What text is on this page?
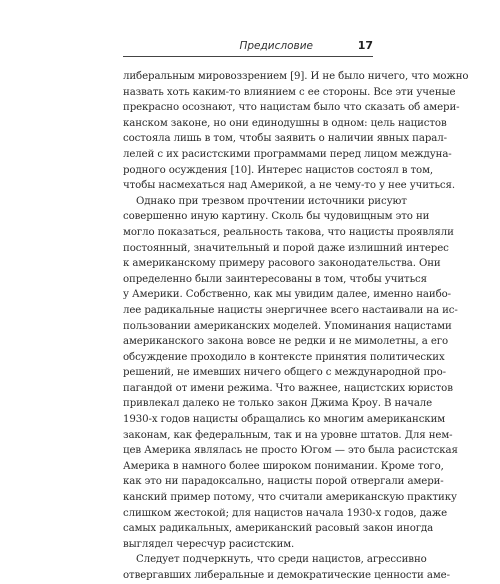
Предисловие	17
либеральным мировоззрением [9]. И не было ничего, что можно
назвать хоть каким-то влиянием с ее стороны. Все эти ученые
прекрасно осознают, что нацистам было что сказать об амери-
канском законе, но они единодушны в одном: цель нацистов
состояла лишь в том, чтобы заявить о наличии явных парал-
лелей с их расистскими программами перед лицом междуна-
родного осуждения [10]. Интерес нацистов состоял в том,
чтобы насмехаться над Америкой, а не чему-то у нее учиться.
Однако при трезвом прочтении источники рисуют
совершенно иную картину. Сколь бы чудовищным это ни
могло показаться, реальность такова, что нацисты проявляли
постоянный, значительный и порой даже излишний интерес
к американскому примеру расового законодательства. Они
определенно были заинтересованы в том, чтобы учиться
у Америки. Собственно, как мы увидим далее, именно наибо-
лее радикальные нацисты энергичнее всего настаивали на ис-
пользовании американских моделей. Упоминания нацистами
американского закона вовсе не редки и не мимолетны, а его
обсуждение проходило в контексте принятия политических
решений, не имевших ничего общего с международной про-
пагандой от имени режима. Что важнее, нацистских юристов
привлекал далеко не только закон Джима Кроу. В начале
1930-х годов нацисты обращались ко многим американским
законам, как федеральным, так и на уровне штатов. Для нем-
цев Америка являлась не просто Югом — это была расистская
Америка в намного более широком понимании. Кроме того,
как это ни парадоксально, нацисты порой отвергали амери-
канский пример потому, что считали американскую практику
слишком жестокой; для нацистов начала 1930-х годов, даже
самых радикальных, американский расовый закон иногда
выглядел чересчур расистским.
Следует подчеркнуть, что среди нацистов, агрессивно
отвергавших либеральные и демократические ценности аме-
